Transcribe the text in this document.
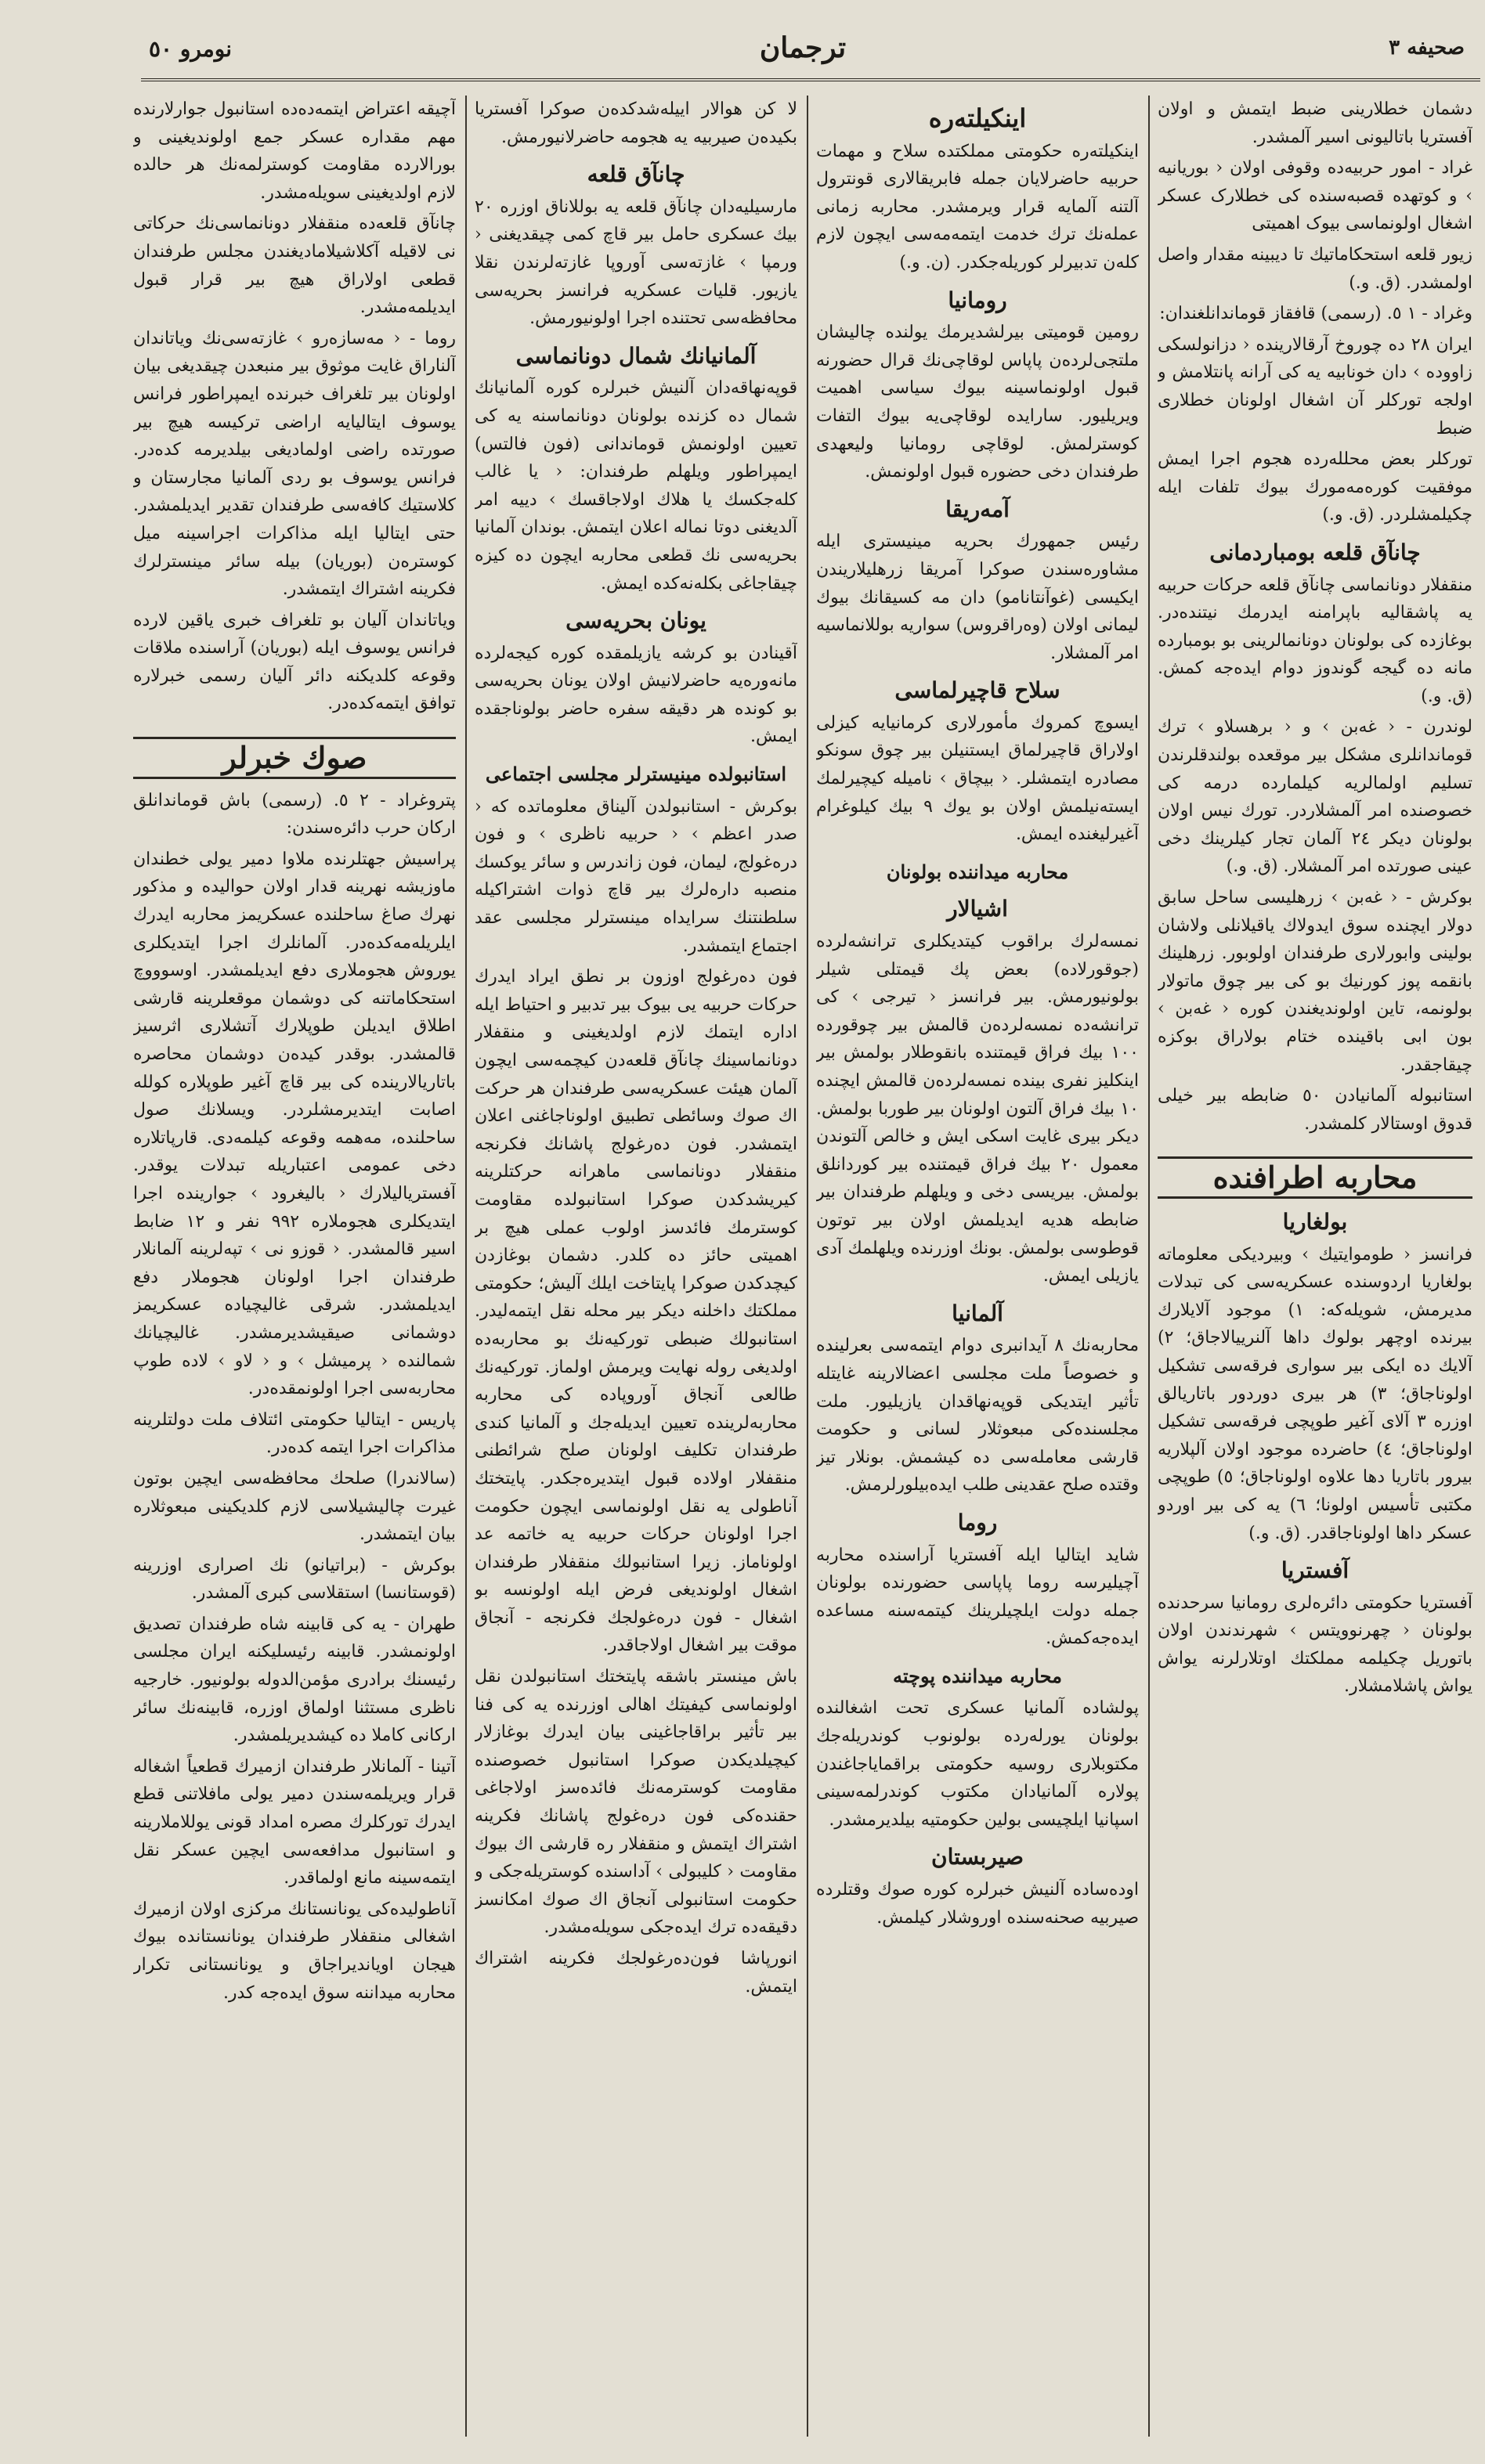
صحيفه ٣
ترجمان
نومرو ٥٠

دشمان خطلارینی ضبط ایتمش و اولان آفستريا باتاليونى اسير آلمشدر.

غراد - امور حربیه‌ده وقوفی اولان ‹ بوريانيه › و کوتهده قصبه‌سنده کی خطلارک عسکر اشغال اولونماسی بیوک اهمیتی

زیور قلعه استحکاماتيك تا ديبينه مقدار واصل اولمشدر. (ق. و.)

وغراد - ١ ٥. (رسمی) قافقاز قوماندانلغندان:

ایران ۲۸ ده چوروخ آرقالارینده ‹ دزانولسكى زاووده › دان خونابيه يه کی آرانه پانتلامش و اولجه تورکلر آن اشغال اولونان خطلارى ضبط

تورکلر بعض محلله‌رده هجوم اجرا ایمش موفقیت کوره‌مه‌مورك بيوك تلفات ایله چکيلمشلردر. (ق. و.)

چانآق قلعه بومباردمانى

منقفلار دونانماسی چانآق قلعه حرکات حربيه يه پاشقاليه باپرامنه ایدرمك نيتنده‌در. بوغازده کی بولونان دونانمالرینی بو بومبارده مانه ده گیجه گوندوز دوام ایده‌جه کمش. (ق. و.)

لوندرن - ‹ غه‌بن › و ‹ برهسلاو › ترك قوماندانلرى مشكل بير موقعده بولندقلرندن تسلیم اولمالریه کیلمارده درمه کی خصوصنده امر آلمشلاردر. تورك نیس اولان بولونان دیکر ۲٤ آلمان تجار کیلرینك دخی عینی صورتده امر آلمشلار. (ق. و.)

بوكرش - ‹ غه‌بن › زرهلیسی ساحل سابق دولار ایچنده سوق ايدولاك ياقيلانلی ولاشان بولینی وابورلاری طرفندان اولوبور. زرهلینك بانقمه پوز كورنیك بو کی بیر چوق ماتولار بولونمه، تاین اولوندیغندن کوره ‹ غه‌بن › بون ابی باقینده ختام بولاراق بوکزه چیقاجقدر.

استانبوله آلمانیادن ٥٠ ضابطه بیر خیلی قدوق اوستالار کلمشدر.

محاربه اطرافنده
بولغاريا

فرانسز ‹ طوموايتيك › وبيرديكى معلوماته بولغاريا اردوسنده عسکريه‌سی کی تبدلات مدیرمش، شویله‌که: ۱) موجود آلايلارك بیرنده اوچهر بولوك داها آلنرييالاجاق؛ ۲) آلايك ده ایکی بیر سواری فرقه‌سی تشکیل اولوناجاق؛ ۳) هر بيرى دوردور باتاريالق اوزره ۳ آلای آغیر طوپچی فرقه‌سی تشکیل اولوناجاق؛ ٤) حاضرده موجود اولان آلپلاريه بیرور باتاريا دها علاوه اولوناجاق؛ ٥) طوپچی مکتبی تأسیس اولونا؛ ٦) يه کى بير اوردو عسکر داها اولوناجاقدر. (ق. و.)

آفستريا

آفستريا حکومتى دائره‌لرى رومانيا سرحدنده بولونان ‹ چهرنوويتس › شهرندندن اولان باتوريل چكيلمه مملكتك اوتلارلرنه يواش يواش پاشلامشلار.

اینکیلته‌ره

اینکیلته‌ره حکومتى مملكتده سلاح و مهمات حربيه حاضرلايان جمله فابريقالارى قونترول آلتنه آلمايه قرار ويرمشدر. محاربه زمانى عمله‌نك ترك خدمت ایتمه‌مه‌سى ایچون لازم کله‌ن تدبیرلر کوریله‌جکدر. (ن. و.)

رومانيا

رومين قوميتى بيرلشديرمك يولنده چاليشان ملتجی‌لرده‌ن پاپاس لوقاچی‌نك قرال حضورنه قبول اولونماسینه بیوك سیاسی اهمیت ویریلیور. سارایده لوقاچی‌یه بیوك التفات کوسترلمش. لوقاچی رومانیا ولیعهدى طرفندان دخی حضوره قبول اولونمش.

آمه‌ريقا

رئیس جمهورك بحريه مينيسترى ايله مشاوره‌سندن صوكرا آمريقا زرهليلاريندن ایکیسی (غوآنتانامو) دان مه کسيقانك بيوك ليمانى اولان (وه‌راقروس) سواريه بوللانماسيه امر آلمشلار.

سلاح قاچيرلماسى

ايسوچ کمروك مأمورلارى کرمانيايه کیزلی اولاراق قاچیرلماق ایستنیلن بیر چوق سونکو مصادره ایتمشلر. ‹ بیچاق › نامیله کیچیرلمك ایسته‌نیلمش اولان بو یوك ۹ بیك کیلوغرام آغیرلیغنده ایمش.

محاربه میداننده بولونان
اشيالار

نمسه‌لرك براقوب کیتدیکلرى ترانشه‌لرده (جوقورلاده) بعض پك قيمتلى شيلر بولونيورمش. بیر فرانسز ‹ تیرجی › کی ترانشه‌ده نمسه‌لرده‌ن قالمش بیر چوقورده ۱۰۰ بيك فراق قيمتنده بانقوطلار بولمش بیر اینکلیز نفرى بینده نمسه‌لرده‌ن قالمش ایچنده ۱۰ بيك فراق آلتون اولونان بیر طوربا بولمش. دیکر بیری غایت اسکی ایش و خالص آلتوندن معمول ۲۰ بيك فراق قیمتنده بیر کوردانلق بولمش. بیریسی دخی و ویلهلم طرفندان بیر ضابطه هدیه ایدیلمش اولان بیر توتون قوطوسى بولمش. بونك اوزرنده ویلهلمك آدى یازیلى ایمش.

آلمانيا

محاربه‌نك ۸ آیدانبرى دوام ایتمه‌سى بعرلینده و خصوصاً ملت مجلسى اعضالارینه غایتله تأثیر ایتدیکى قوپه‌نهاقدان یازیلیور. ملت مجلسنده‌کى مبعوثلار لسانى و حکومت قارشى معامله‌سى ده کیشمش. بونلار تیز وقتده صلح عقدینى طلب ایده‌بیلورلرمش.

روما

شاید ایتاليا ايله آفستريا آراسنده محاربه آچیلیرسه روما پاپاسی حضورنده بولونان جمله دولت ایلچیلرینك کیتمه‌سنه مساعده ایده‌جه‌کمش.

محاربه میداننده پوچته

پولشاده آلمانيا عسکرى تحت اشغالنده بولونان یورله‌رده بولونوب کوندریله‌جك مکتوبلاری روسیه حکومتى براقمایاجاغندن پولاره آلمانيادان مکتوب کوندرلمه‌سینی اسپانیا ایلچیسی بولین حکومتیه بیلدیرمشدر.

صيربستان

اوده‌ساده آلنيش خبرلره کوره صوك وقتلرده صیربیه صحنه‌سنده اوروشلار کیلمش.

لا کن هوالار ایيله‌شدکده‌ن صوكرا آفستريا بکیده‌ن صیربیه يه هجومه حاضرلانیورمش.

چانآق قلعه

مارسيليه‌دان چانآق قلعه يه بوللاناق اوزره ۲۰ بيك عسكرى حامل بير قاچ کمى چيقديغنى ‹ ورمپا › غازته‌سى آوروپا غازته‌لرندن نقلا يازيور. قليات عسکريه فرانسز بحريه‌سى محافظه‌سى تحتنده اجرا اولونيورمش.

آلمانيانك شمال دونانماسى

قوپه‌نهاقه‌دان آلنيش خبرلره کوره آلمانيانك شمال ده كزنده بولونان دونانماسنه يه کى تعيين اولونمش قوماندانى (فون فالتس) ایمپراطور ویلهلم طرفندان: ‹ يا غالب کله‌جکسك يا هلاك اولاجاقسك › دیيه امر آلدیغنی دوتا نماله اعلان ایتمش. بوندان آلمانيا بحريه‌سى نك قطعى محاربه ایچون ده کيزه چیقاجاغی بكله‌نه‌كده ایمش.

یونان بحریه‌سی

آقينادن بو کرشه یازیلمقده کوره کیجه‌لرده مانه‌وره‌یه حاضرلانیش اولان یونان بحریه‌سی بو کونده هر دقیقه سفره حاضر بولوناجقده ایمش.

استانبولده مینیسترلر مجلسی اجتماعی

بوکرش - استانبولدن آلیناق معلوماتده که ‹ صدر اعظم › ‹ حربیه ناظرى › و فون دره‌غولج، لیمان، فون زاندرس و سائر یوکسك منصبه داره‌لرك بیر قاچ ذوات اشتراکیله سلطنتنك سرایداه مینسترلر مجلسى عقد اجتماع ایتمشدر.

فون ده‌رغولج اوزون بر نطق ایراد ایدرك حرکات حربيه يى بیوک بیر تدبیر و احتیاط ایله اداره ایتمك لازم اولدیغینی و منقفلار دونانماسینك چانآق قلعه‌دن کیچمه‌سى ایچون آلمان هیئت عسکریه‌سى طرفندان هر حرکت اك صوك وسائطى تطبيق اولوناجاغنى اعلان ایتمشدر. فون ده‌رغولج پاشانك فکرنجه منقفلار دونانماسى ماهرانه حرکتلرینه کیریشدکدن صوکرا استانبولده مقاومت کوسترمك فائدسز اولوب عملى هيچ بر اهمیتی حائز ده کلدر. دشمان بوغازدن کیچدکدن صوکرا پایتاخت ایلك آلیش؛ حکومتى مملكتك داخلنه دیکر بیر محله نقل ایتمه‌لیدر. استانبولك ضبطی تورکيه‌نك بو محاربه‌ده اولدیغى روله نهايت ويرمش اولماز. تورکيه‌نك طالعى آنجاق آوروپاده کى محاربه‌ محاربه‌لرینده تعیین ایدیله‌جك و آلمانيا کندی طرفندان تکلیف اولونان صلح شرائطنى منقفلار اولاده قبول ایتدیره‌جکدر. پایتختك آناطولى يه نقل اولونماسى ایچون حکومت اجرا اولونان حرکات حربيه يه خاتمه عد اولوناماز. زيرا استانبولك منقفلار طرفندان اشغال اولونديغى فرض ایله اولونسه بو اشغال - فون دره‌غولجك فکرنجه - آنجاق موقت بیر اشغال اولاجاقدر.

باش مینستر باشقه پایتختك استانبولدن نقل اولونماسى کیفیتك اهالی اوزرنده يه کى فنا بیر تأثیر براقاجاغینی بیان ایدرك بوغازلار کیچیلدیکدن صوکرا استانبول خصوصنده مقاومت کوسترمه‌نك فائده‌سز اولاجاغى حقنده‌کى فون دره‌غولج پاشانك فکرينه اشتراك ایتمش و منقفلار ره قارشی اك بیوك مقاومت ‹ کلیبولی › آداسنده کوستریله‌جکی و حکومت استانبولی آنجاق اك صوك امکانسز دقیقه‌ده ترك ایده‌جکی سویله‌مشدر.

انورپاشا فون‌ده‌رغولجك فکرینه اشتراك ایتمش.

آچیقه اعتراض ایتمه‌ده‌ده استانبول جوارلارنده مهم مقداره عسکر جمع اولوندیغینی و بورالارده مقاومت کوسترلمه‌نك هر حالده لازم اولدیغینی سویله‌مشدر.

چانآق قلعه‌ده منقفلار دونانماسی‌نك حرکاتى نى لاقيله آکلاشيلامادیغندن مجلس طرفندان قطعى اولاراق هيچ بیر قرار قبول ایدیلمه‌مشدر.

روما - ‹ مه‌سازه‌رو › غازته‌سی‌نك وياتاندان آلناراق غايت موثوق بير منبعدن چيقديغى بيان اولونان بير تلغراف خبرنده ایمپراطور فرانس یوسوف ایتالیایه اراضی ترکیسه هیچ بیر صورتده راضی اولمادیغی بیلدیرمه کده‌در. فرانس یوسوف بو ردی آلمانیا مجارستان و کلاستیك کافه‌سی طرفندان تقدیر ایدیلمشدر. حتی ایتالیا ایله مذاکرات اجراسینه میل کوستره‌ن (بوریان) بیله سائر مینسترلرك فکرینه اشتراك ایتمشدر.

وياتاندان آلیان بو تلغراف خبرى یاقین لارده فرانس یوسوف ایله (بوریان) آراسنده ملاقات وقوعه کلدیکنه دائر آلیان رسمی خبرلاره توافق ایتمه‌کده‌در.

صوك خبرلر

پتروغراد - ۲ ٥. (رسمی) باش قوماندانلق اركان حرب دائره‌سندن:

پراسیش جهتلرنده ملاوا دمیر یولی خطندان ماوزیشه نهرینه قدار اولان حواليده و مذکور نهرك صاغ ساحلنده عسکریمز محاربه ایدرك ایلریله‌مه‌کده‌در. آلمانلرك اجرا ایتدیکلرى یوروش هجوملارى دفع ایدیلمشدر. اوسوووچ استحکاماتنه کى دوشمان موقعلرینه قارشی اطلاق ایدیلن طوپلارك آتشلارى اثرسیز قالمشدر. بوقدر کیده‌ن دوشمان محاصره باتاريالارینده کی بیر قاچ آغیر طوپلاره کولله اصابت ایتدیرمشلردر. ويسلانك صول ساحلنده، مه‌همه وقوعه کیلمه‌دی. قارپاتلاره دخى عمومی اعتباریله تبدلات یوقدر. آفستريالیلارك ‹ بالیغرود › جوارینده اجرا ایتدیکلری هجوملاره ۹۹۲ نفر و ۱۲ ضابط اسیر قالمشدر. ‹ قوزو نی › تپه‌لرینه آلمانلار طرفندان اجرا اولونان هجوملار دفع ایدیلمشدر. شرقى غالیچیاده عسکریمز دوشمانى صیقیشدیرمشدر. غالیچیانك شمالنده ‹ پرمیشل › و ‹ لاو › لاده طوپ محاربه‌سى اجرا اولونمقده‌در.

پاریس - ایتالیا حکومتى ائتلاف ملت دولتلرینه مذاکرات اجرا ایتمه کده‌در.

(سالاندرا) صلحك محافظه‌سى ایچین بوتون غیرت چالیشیلاسی لازم کلدیکینى مبعوثلاره بیان ایتمشدر.

بوکرش - (براتیانو) نك اصرارى اوزرینه (قوستانسا) استقلاسى کبری آلمشدر.

طهران - یه کی قابینه شاه طرفندان تصدیق اولونمشدر. قابینه رئیسلیکنه ایران مجلسى رئیسنك برادرى مؤمن‌الدوله بولونیور. خارجیه ناظری مستثنا اولماق اوزره، قابینه‌نك سائر ارکانی کاملا ده کیشدیریلمشدر.

آتینا - آلمانلار طرفندان ازمیرك قطعیاً اشغاله قرار ویریلمه‌سندن دمیر یولی مافلاتنی قطع ایدرك تورکلرك مصره امداد قونی یوللاملارینه و استانبول مدافعه‌سی ایچین عسکر نقل ایتمه‌سینه مانع اولماقدر.

آناطولیده‌کی یونانستانك مرکزی اولان ازمیرك اشغالی منقفلار طرفندان یونانستانده بیوك هیجان اویاندیراجاق و یونانستانی تکرار محاربه میداننه سوق ایده‌جه کدر.
